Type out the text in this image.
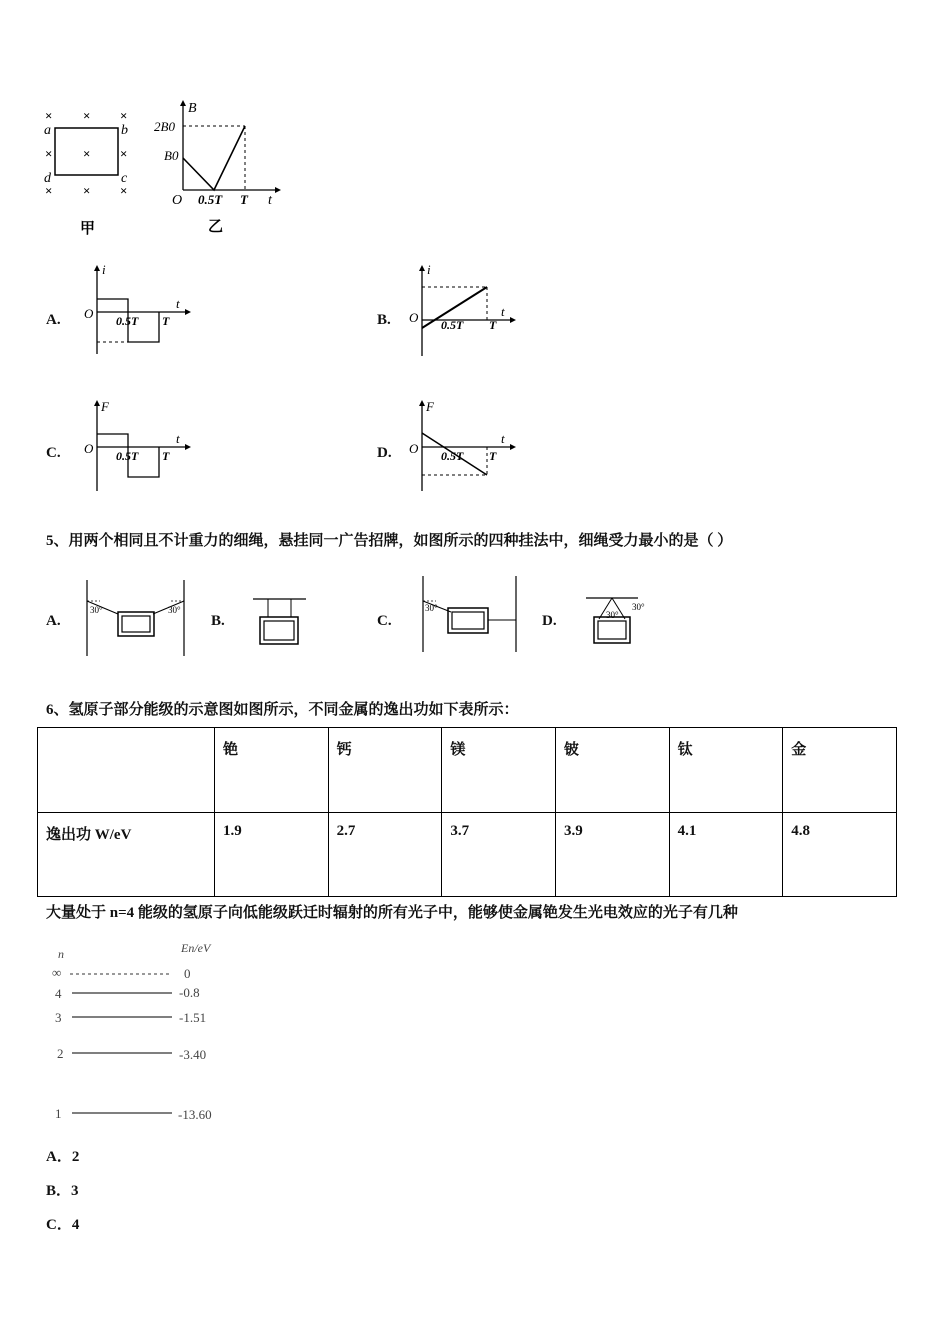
× × ×
× × ×
× × ×
a	b
c
d
甲
B
t
O
2B0
B0
0.5T T
乙
A.
i
t
O 0.5T T	B.
i
t
O 0.5T T
C.
F
t
O 0.5T T	D.
F
t
O 0.5T T
5、用两个相同且不计重力的细绳，悬挂同一广告招牌，如图所示的四种挂法中，细绳受力最小的是（ ）
A.
30°	30°
B.	C.
30°
D.	30°
30°
6、氢原子部分能级的示意图如图所示，不同金属的逸出功如下表所示：
	铯	钙	镁	铍	钛	金
逸出功 W/eV	1.9	2.7	3.7	3.9	4.1	4.8
大量处于 n=4 能级的氢原子向低能级跃迁时辐射的所有光子中，能够使金属铯发生光电效应的光子有几种
n	En/eV
∞	0
4	-0.8
3	-1.51
2	-3.40
1	-13.60
A．2
B．3
C．4
